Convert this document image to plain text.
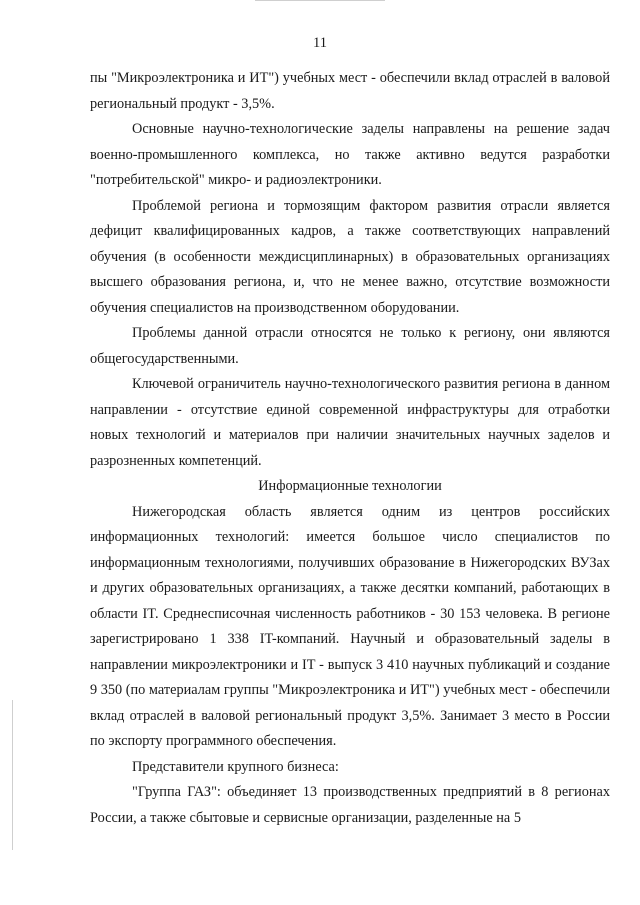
11

пы "Микроэлектроника и ИТ") учебных мест - обеспечили вклад отраслей в валовой региональный продукт - 3,5%.

Основные научно-технологические заделы направлены на решение задач военно-промышленного комплекса, но также активно ведутся разработки "потребительской" микро- и радиоэлектроники.

Проблемой региона и тормозящим фактором развития отрасли является дефицит квалифицированных кадров, а также соответствующих направлений обучения (в особенности междисциплинарных) в образовательных организациях высшего образования региона, и, что не менее важно, отсутствие возможности обучения специалистов на производственном оборудовании.

Проблемы данной отрасли относятся не только к региону, они являются общегосударственными.

Ключевой ограничитель научно-технологического развития региона в данном направлении - отсутствие единой современной инфраструктуры для отработки новых технологий и материалов при наличии значительных научных заделов и разрозненных компетенций.

Информационные технологии

Нижегородская область является одним из центров российских информационных технологий: имеется большое число специалистов по информационным технологиями, получивших образование в Нижегородских ВУЗах и других образовательных организациях, а также десятки компаний, работающих в области IT. Среднесписочная численность работников - 30 153 человека. В регионе зарегистрировано 1 338 IT-компаний. Научный и образовательный заделы в направлении микроэлектроники и IT - выпуск 3 410 научных публикаций и создание 9 350 (по материалам группы "Микроэлектроника и ИТ") учебных мест - обеспечили вклад отраслей в валовой региональный продукт 3,5%. Занимает 3 место в России по экспорту программного обеспечения.

Представители крупного бизнеса:

"Группа ГАЗ": объединяет 13 производственных предприятий в 8 регионах России, а также сбытовые и сервисные организации, разделенные на 5
